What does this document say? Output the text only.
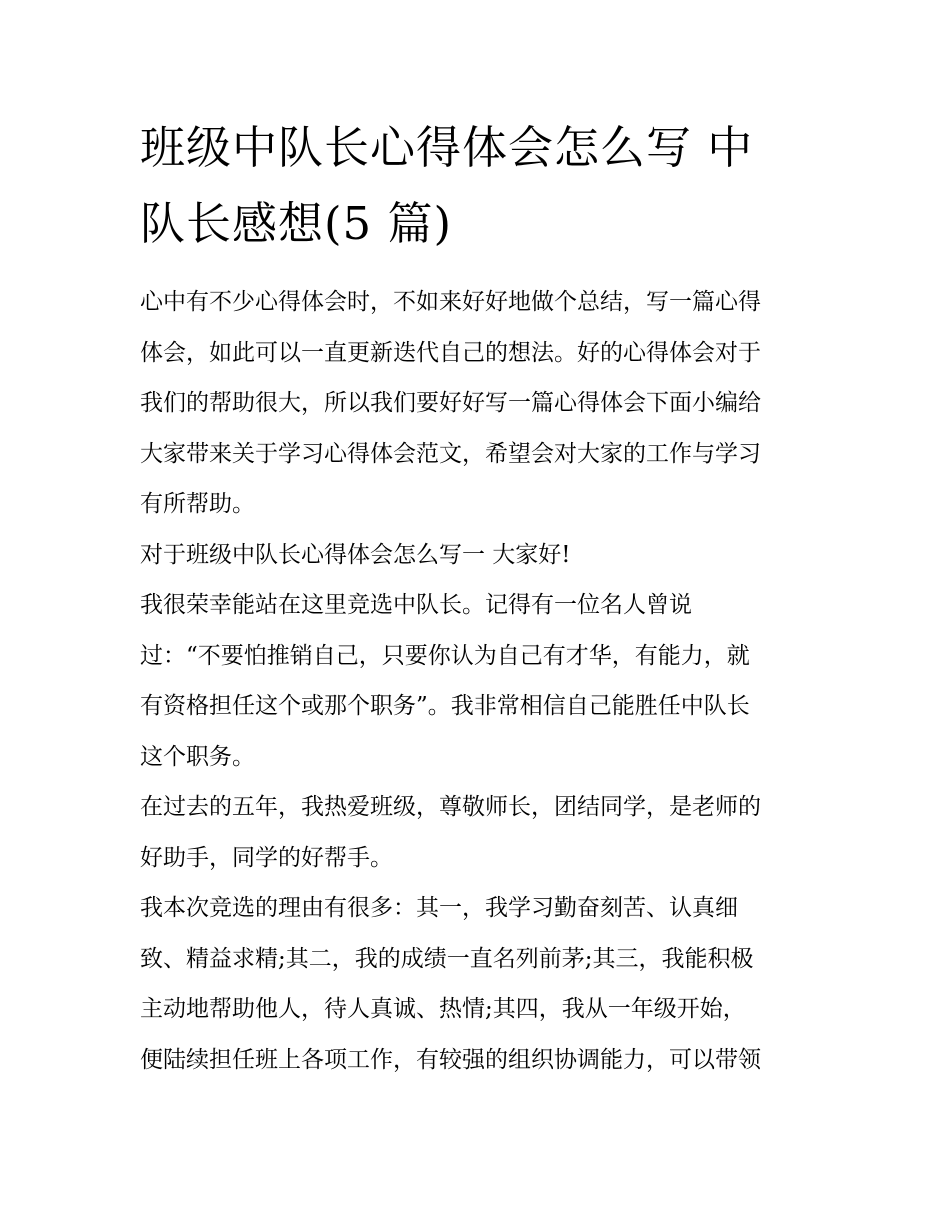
班级中队长心得体会怎么写 中
队长感想(5 篇)
心中有不少心得体会时，不如来好好地做个总结，写一篇心得
体会，如此可以一直更新迭代自己的想法。好的心得体会对于
我们的帮助很大，所以我们要好好写一篇心得体会下面小编给
大家带来关于学习心得体会范文，希望会对大家的工作与学习
有所帮助。
对于班级中队长心得体会怎么写一 大家好!
我很荣幸能站在这里竞选中队长。记得有一位名人曾说
过：“不要怕推销自己，只要你认为自己有才华，有能力，就
有资格担任这个或那个职务”。我非常相信自己能胜任中队长
这个职务。
在过去的五年，我热爱班级，尊敬师长，团结同学，是老师的
好助手，同学的好帮手。
我本次竞选的理由有很多：其一，我学习勤奋刻苦、认真细
致、精益求精;其二，我的成绩一直名列前茅;其三，我能积极
主动地帮助他人，待人真诚、热情;其四，我从一年级开始，
便陆续担任班上各项工作，有较强的组织协调能力，可以带领
